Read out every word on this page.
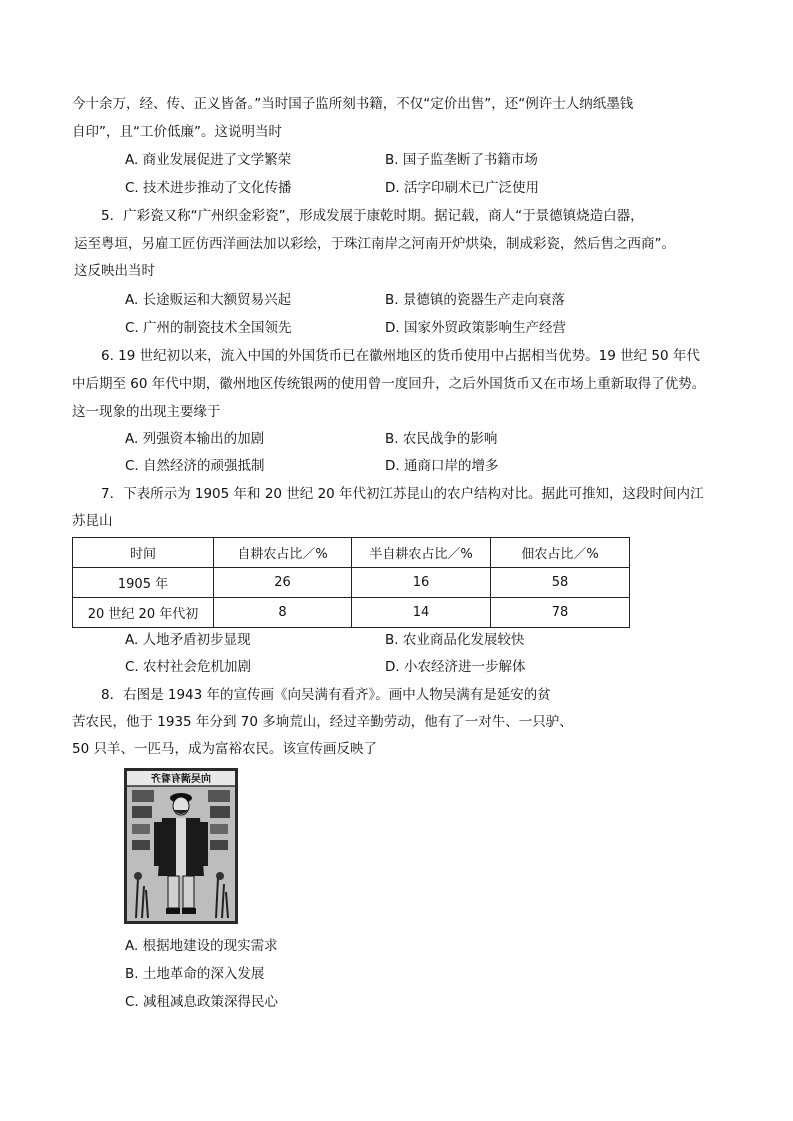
今十余万，经、传、正义皆备。”当时国子监所刻书籍，不仅“定价出售”，还“例许士人纳纸墨钱
自印”，且“工价低廉”。这说明当时
A. 商业发展促进了文学繁荣	B. 国子监垄断了书籍市场
C. 技术进步推动了文化传播	D. 活字印刷术已广泛使用
5．广彩瓷又称“广州织金彩瓷”，形成发展于康乾时期。据记载，商人“于景德镇烧造白器，
运至粤垣，另雇工匠仿西洋画法加以彩绘，于珠江南岸之河南开炉烘染，制成彩瓷，然后售之西商”。
这反映出当时
A. 长途贩运和大额贸易兴起	B. 景德镇的瓷器生产走向衰落
C. 广州的制瓷技术全国领先	D. 国家外贸政策影响生产经营
6. 19 世纪初以来，流入中国的外国货币已在徽州地区的货币使用中占据相当优势。19 世纪 50 年代
中后期至 60 年代中期，徽州地区传统银两的使用曾一度回升，之后外国货币又在市场上重新取得了优势。
这一现象的出现主要缘于
A. 列强资本输出的加剧	B. 农民战争的影响
C. 自然经济的顽强抵制	D. 通商口岸的增多
7．下表所示为 1905 年和 20 世纪 20 年代初江苏昆山的农户结构对比。据此可推知，这段时间内江
苏昆山
时间	自耕农占比／%	半自耕农占比／%	佃农占比／%
1905 年	26	16	58
20 世纪 20 年代初	8	14	78
A. 人地矛盾初步显现	B. 农业商品化发展较快
C. 农村社会危机加剧	D. 小农经济进一步解体
8．右图是 1943 年的宣传画《向吴满有看齐》。画中人物吴满有是延安的贫
苦农民，他于 1935 年分到 70 多垧荒山，经过辛勤劳动，他有了一对牛、一只驴、
50 只羊、一匹马，成为富裕农民。该宣传画反映了
向吴满有看齐
A. 根据地建设的现实需求
B. 土地革命的深入发展
C. 减租减息政策深得民心
